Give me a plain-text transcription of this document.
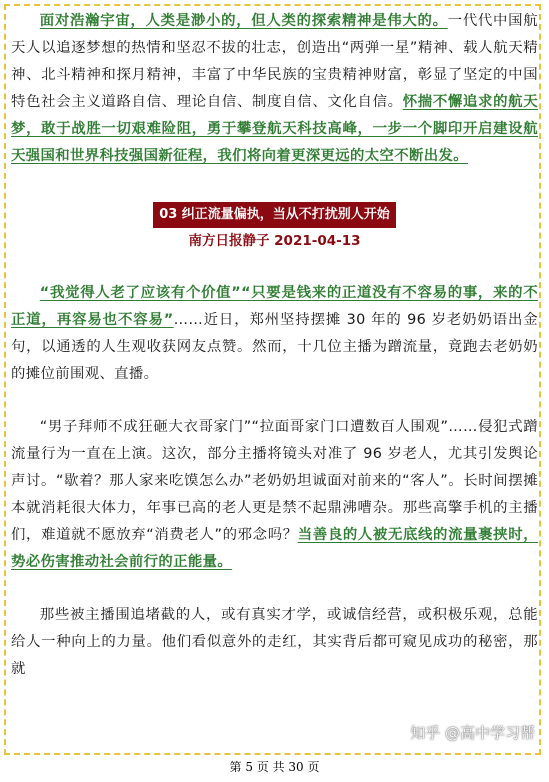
面对浩瀚宇宙，人类是渺小的，但人类的探索精神是伟大的。一代代中国航天人以追逐梦想的热情和坚忍不拔的壮志，创造出“两弹一星”精神、载人航天精神、北斗精神和探月精神，丰富了中华民族的宝贵精神财富，彰显了坚定的中国特色社会主义道路自信、理论自信、制度自信、文化自信。怀揣不懈追求的航天梦，敢于战胜一切艰难险阻，勇于攀登航天科技高峰，一步一个脚印开启建设航天强国和世界科技强国新征程，我们将向着更深更远的太空不断出发。

03 纠正流量偏执，当从不打扰别人开始
南方日报静子 2021-04-13

“我觉得人老了应该有个价值”“只要是钱来的正道没有不容易的事，来的不正道，再容易也不容易”……近日，郑州坚持摆摊 30 年的 96 岁老奶奶语出金句，以通透的人生观收获网友点赞。然而，十几位主播为蹭流量，竟跑去老奶奶的摊位前围观、直播。

“男子拜师不成狂砸大衣哥家门”“拉面哥家门口遭数百人围观”……侵犯式蹭流量行为一直在上演。这次，部分主播将镜头对准了 96 岁老人，尤其引发舆论声讨。“歇着？那人家来吃馍怎么办”老奶奶坦诚面对前来的“客人”。长时间摆摊本就消耗很大体力，年事已高的老人更是禁不起鼎沸嘈杂。那些高擎手机的主播们，难道就不愿放弃“消费老人”的邪念吗？当善良的人被无底线的流量裹挟时，势必伤害推动社会前行的正能量。

那些被主播围追堵截的人，或有真实才学，或诚信经营，或积极乐观，总能给人一种向上的力量。他们看似意外的走红，其实背后都可窥见成功的秘密，那就

知乎 @高中学习帮
第 5 页 共 30 页
